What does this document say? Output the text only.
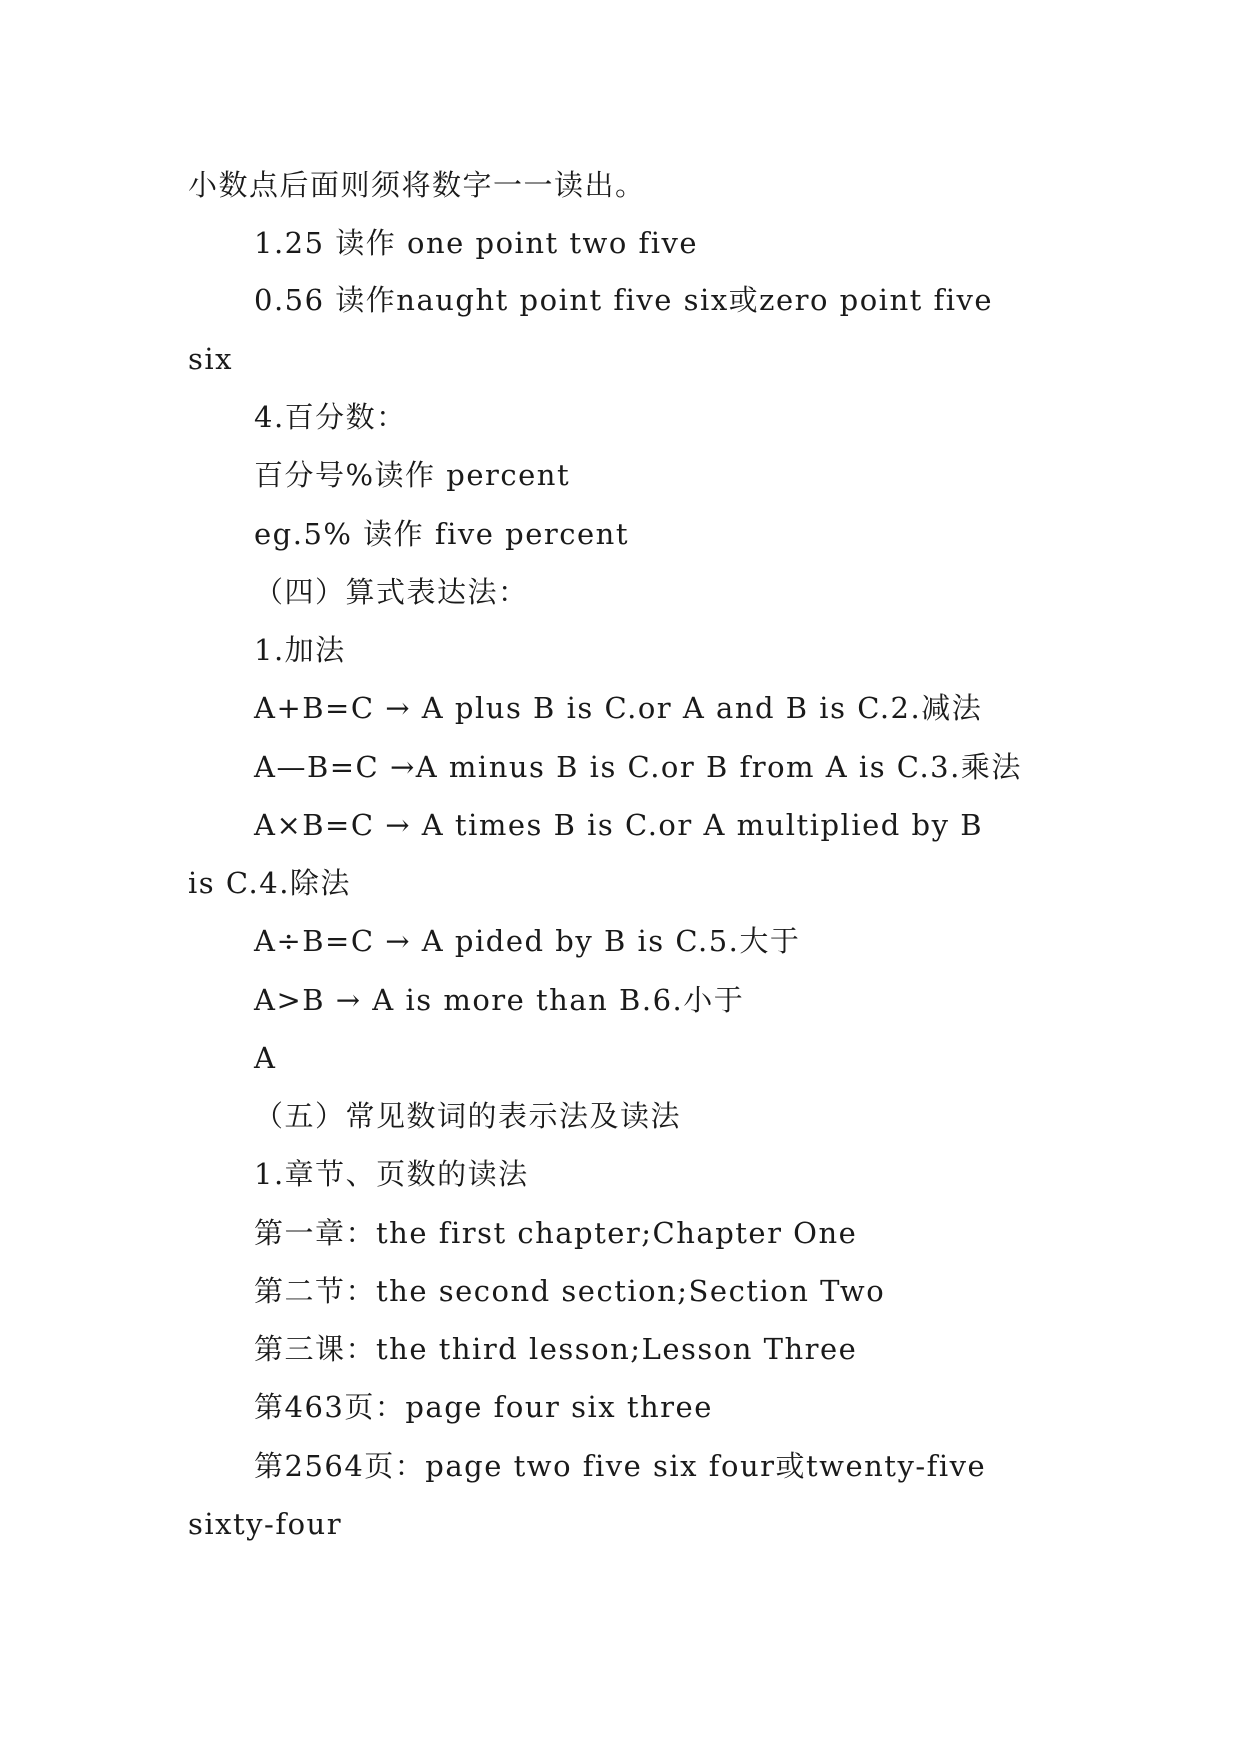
小数点后面则须将数字一一读出。
1.25 读作 one point two five
0.56 读作naught point five six或zero point five
six
4.百分数：
百分号%读作 percent
eg.5% 读作 five percent
（四）算式表达法：
1.加法
A+B=C → A plus B is C.or A and B is C.2.减法
A—B=C →A minus B is C.or B from A is C.3.乘法
A×B=C → A times B is C.or A multiplied by B
is C.4.除法
A÷B=C → A pided by B is C.5.大于
A>B → A is more than B.6.小于
A
（五）常见数词的表示法及读法
1.章节、页数的读法
第一章：the first chapter;Chapter One
第二节：the second section;Section Two
第三课：the third lesson;Lesson Three
第463页：page four six three
第2564页：page two five six four或twenty-five
sixty-four
